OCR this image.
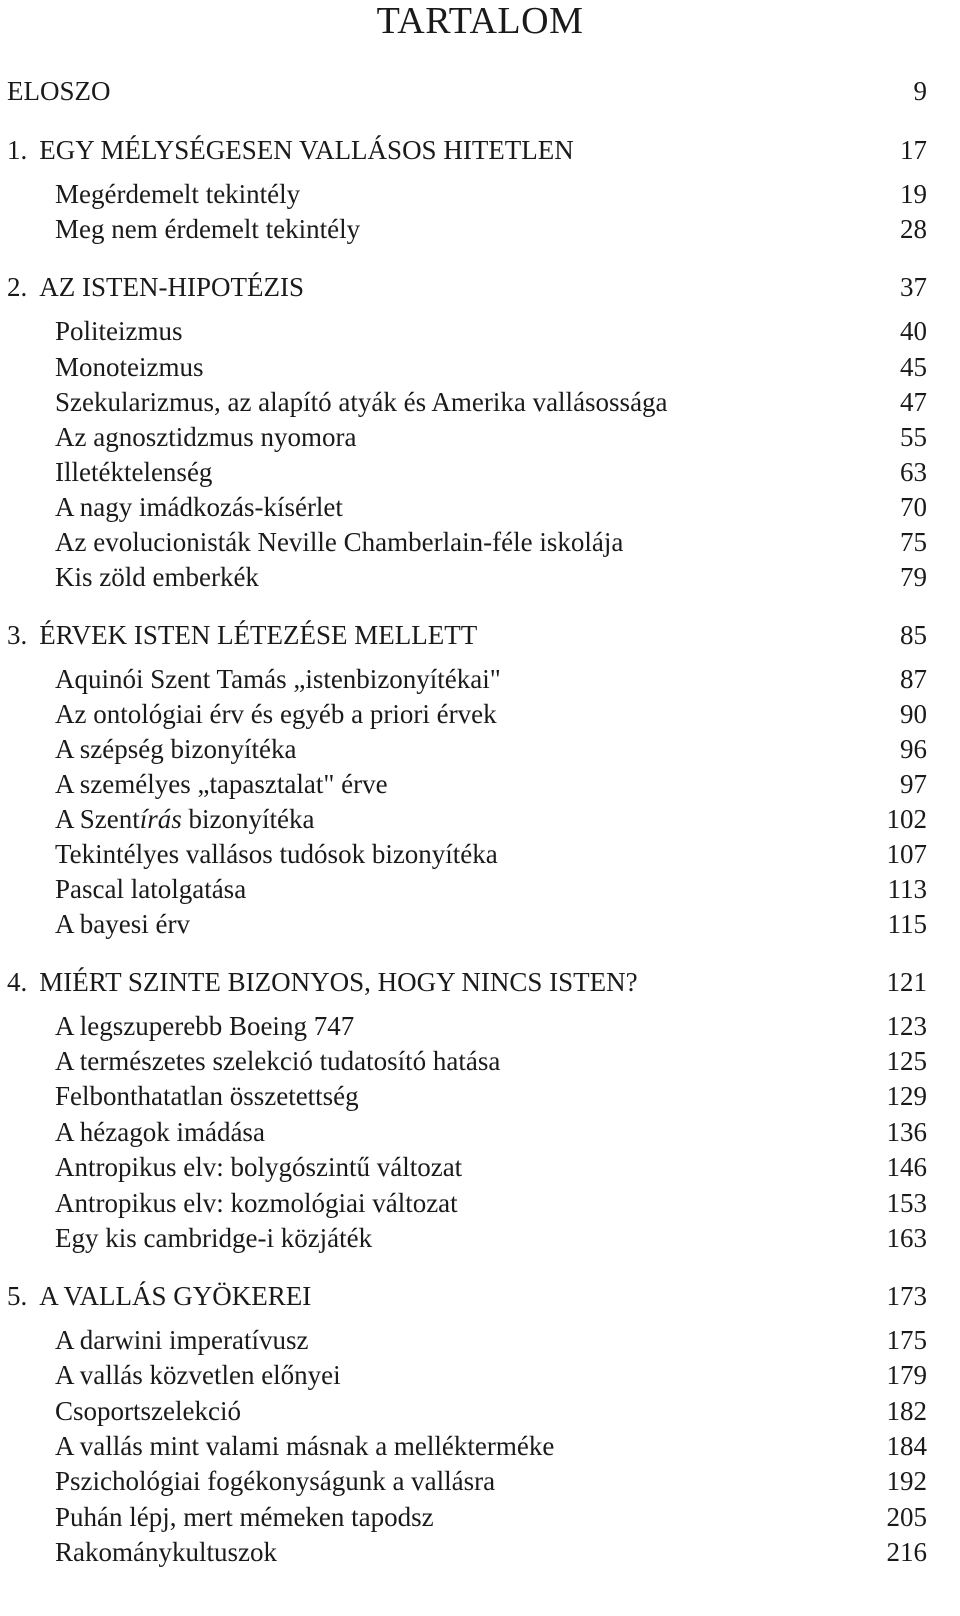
TARTALOM
ELOSZO	9
1. EGY MÉLYSÉGESEN VALLÁSOS HITETLEN	17
Megérdemelt tekintély	19
Meg nem érdemelt tekintély	28
2. AZ ISTEN-HIPOTÉZIS	37
Politeizmus	40
Monoteizmus	45
Szekularizmus, az alapító atyák és Amerika vallásossága	47
Az agnosztidzmus nyomora	55
Illetéktelenség	63
A nagy imádkozás-kísérlet	70
Az evolucionisták Neville Chamberlain-féle iskolája	75
Kis zöld emberkék	79
3. ÉRVEK ISTEN LÉTEZÉSE MELLETT	85
Aquinói Szent Tamás „istenbizonyítékai"	87
Az ontológiai érv és egyéb a priori érvek	90
A szépség bizonyítéka	96
A személyes „tapasztalat" érve	97
A Szentírás bizonyítéka	102
Tekintélyes vallásos tudósok bizonyítéka	107
Pascal latolgatása	113
A bayesi érv	115
4. MIÉRT SZINTE BIZONYOS, HOGY NINCS ISTEN?	121
A legszuperebb Boeing 747	123
A természetes szelekció tudatosító hatása	125
Felbonthatatlan összetettség	129
A hézagok imádása	136
Antropikus elv: bolygószintű változat	146
Antropikus elv: kozmológiai változat	153
Egy kis cambridge-i közjáték	163
5. A VALLÁS GYÖKEREI	173
A darwini imperatívusz	175
A vallás közvetlen előnyei	179
Csoportszelekció	182
A vallás mint valami másnak a mellékterméke	184
Pszichológiai fogékonyságunk a vallásra	192
Puhán lépj, mert mémeken tapodsz	205
Rakománykultuszok	216
